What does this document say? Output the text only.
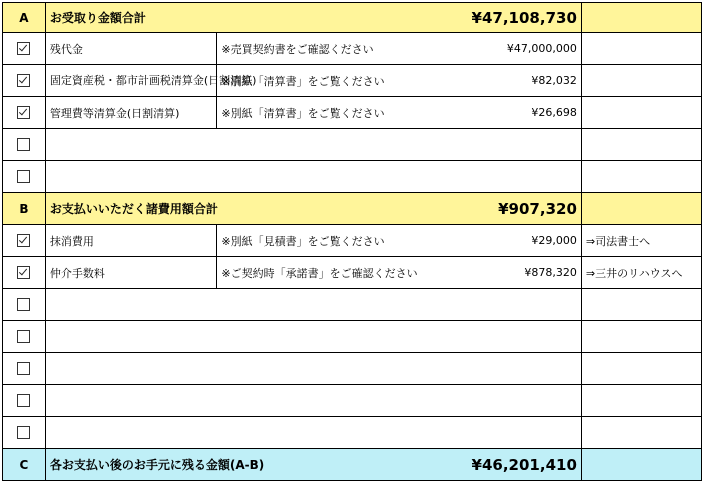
A	お受取り金額合計		¥47,108,730	
	残代金	※売買契約書をご確認ください	¥47,000,000	
	固定資産税・都市計画税清算金(日割清算)	※別紙「清算書」をご覧ください	¥82,032	
	管理費等清算金(日割清算)	※別紙「清算書」をご覧ください	¥26,698	

B	お支払いいただく諸費用額合計		¥907,320	
	抹消費用	※別紙「見積書」をご覧ください	¥29,000	⇒司法書士へ
	仲介手数料	※ご契約時「承諾書」をご確認ください	¥878,320	⇒三井のリハウスへ

C	各お支払い後のお手元に残る金額(A-B)		¥46,201,410	
